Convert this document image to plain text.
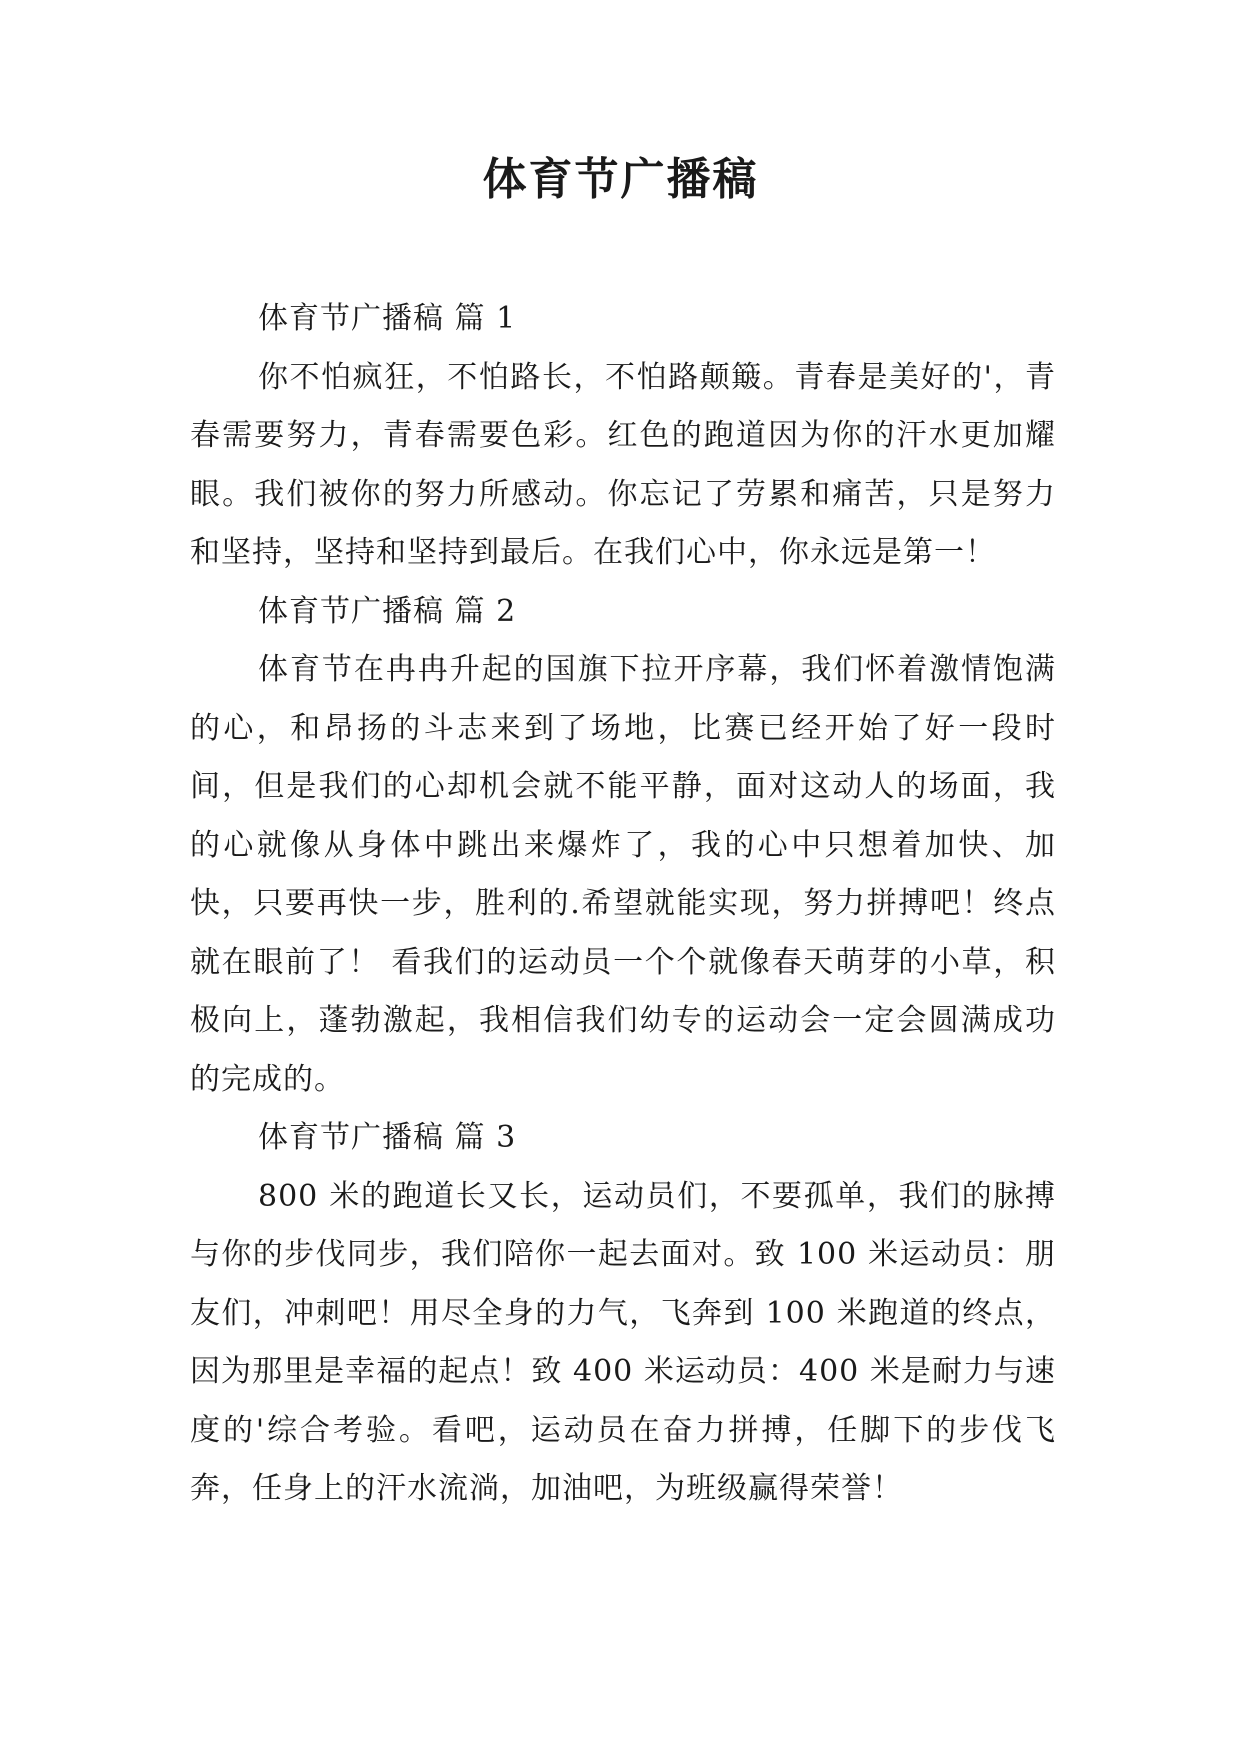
体育节广播稿

体育节广播稿 篇 1

你不怕疯狂，不怕路长，不怕路颠簸。青春是美好的'，青春需要努力，青春需要色彩。红色的跑道因为你的汗水更加耀眼。我们被你的努力所感动。你忘记了劳累和痛苦，只是努力和坚持，坚持和坚持到最后。在我们心中，你永远是第一！

体育节广播稿 篇 2

体育节在冉冉升起的国旗下拉开序幕，我们怀着激情饱满的心，和昂扬的斗志来到了场地，比赛已经开始了好一段时间，但是我们的心却机会就不能平静，面对这动人的场面，我的心就像从身体中跳出来爆炸了，我的心中只想着加快、加快，只要再快一步，胜利的.希望就能实现，努力拼搏吧！终点就在眼前了！ 看我们的运动员一个个就像春天萌芽的小草，积极向上，蓬勃激起，我相信我们幼专的运动会一定会圆满成功的完成的。

体育节广播稿 篇 3

800 米的跑道长又长，运动员们，不要孤单，我们的脉搏与你的步伐同步，我们陪你一起去面对。致 100 米运动员：朋友们，冲刺吧！用尽全身的力气，飞奔到 100 米跑道的终点，因为那里是幸福的起点！致 400 米运动员：400 米是耐力与速度的'综合考验。看吧，运动员在奋力拼搏，任脚下的步伐飞奔，任身上的汗水流淌，加油吧，为班级赢得荣誉！
